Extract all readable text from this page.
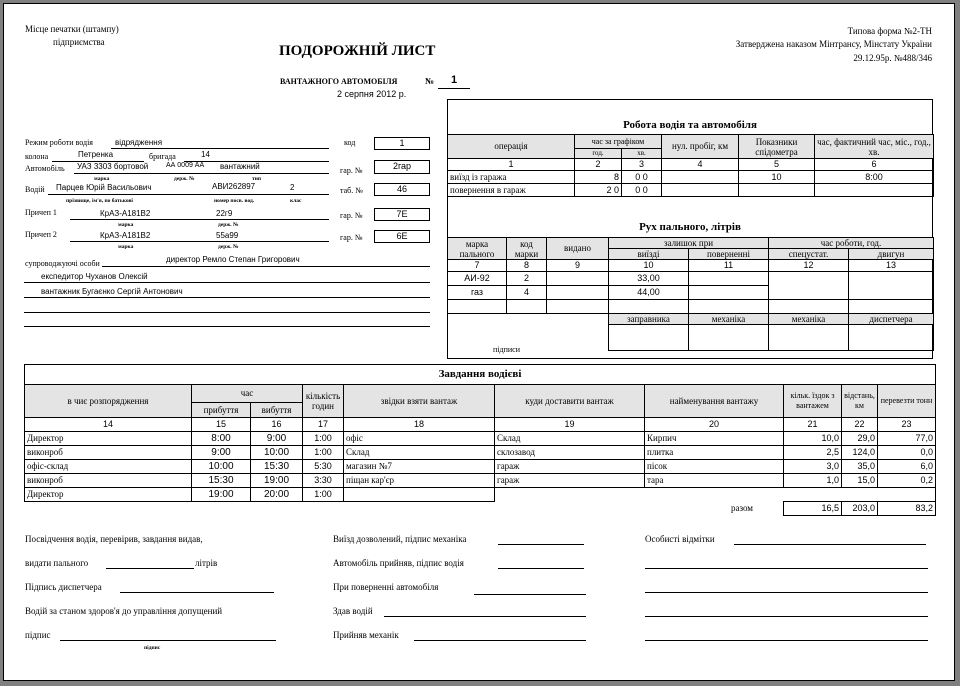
Місце печатки (штампу)
підприємства
ПОДОРОЖНІЙ ЛИСТ
ВАНТАЖНОГО АВТОМОБІЛЯ	№	1
2 серпня 2012 р.
Типова форма №2-ТН
Затверджена наказом Мінтрансу, Мінстату України
29.12.95р. №488/346
Режим роботи водія	відрядження	код	1
колона	Петренка	бригада	14
Автомобіль УАЗ 3303 бортовой	АА 0009 АА вантажний
марка	держ. №	тип
гар. №	2гар
Водій Парцев Юрій Васильович	АВИ262897	2
прізвище, ім'я, по батькові	номер посв. вод.	клас
таб. №	46
Причеп 1	КрАЗ-А181В2	22г9
марка	держ. №
гар. №	7Е
Причеп 2	КрАЗ-А181В2	55а99
марка	держ. №
гар. №	6Е
супроводжуючі особи	директор Ремло Степан Григорович
експедитор Чуханов Олексій
вантажник Бугаєнко Сергій Антонович
Робота водія та автомобіля
операція	час за графіком		нул. пробіг, км	Показники спідометра	час, фактичний час, міс., год., хв.
	год.	хв.			
1	2	3	4	5	6
виїзд із гаража	8	0 0		10	8:00
повернення в гараж	2 0	0 0			
Рух пального, літрів
марка пального	код марки	видано	залишок при		час роботи, год.	
			виїзді	поверненні	спецустат.	двигун
7	8	9	10	11	12	13
АИ-92	2		33,00			
газ	4		44,00			

			заправника	механіка	механіка	диспетчера

підписи
Завдання водієві									
в чиє розпорядження	час		кількість годин	звідки взяти вантаж	куди доставити вантаж	найменування вантажу	кільк. їздок з вантажем	відстань, км	перевезти тонн
	прибуття	вибуття							
14	15	16	17	18	19	20	21	22	23
Директор	8:00	9:00	1:00	офіс	Склад	Кирпич	10,0	29,0	77,0
виконроб	9:00	10:00	1:00	Склад	склозавод	плитка	2,5	124,0	0,0
офіс-склад	10:00	15:30	5:30	магазин №7	гараж	пісок	3,0	35,0	6,0
виконроб	15:30	19:00	3:30	піщан кар'єр	гараж	тара	1,0	15,0	0,2
Директор	19:00	20:00	1:00						
						разом	16,5	203,0	83,2
Посвідчення водія, перевірив, завдання видав,
видати пального	літрів
Підпись диспетчера
Водій за станом здоров'я до управління допущений
підпис
підпис
Виїзд дозволений, підпис механіка
Автомобіль прийняв, підпис водія
При поверненні автомобіля
Здав водій
Прийняв механік
Особисті відмітки
